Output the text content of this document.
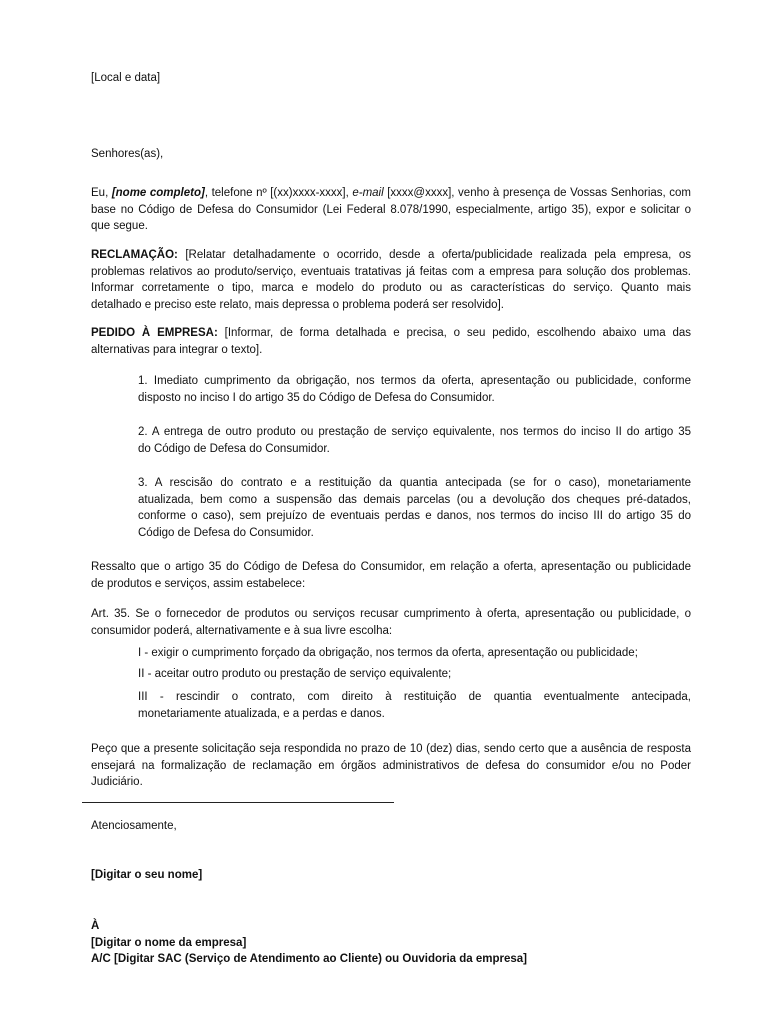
[Local e data]

Senhores(as),

Eu, [nome completo], telefone nº [(xx)xxxx-xxxx], e-mail [xxxx@xxxx], venho à presença de Vossas Senhorias, com
base no Código de Defesa do Consumidor (Lei Federal 8.078/1990, especialmente, artigo 35), expor e solicitar o
que segue.
RECLAMAÇÃO: [Relatar detalhadamente o ocorrido, desde a oferta/publicidade realizada pela empresa, os
problemas relativos ao produto/serviço, eventuais tratativas já feitas com a empresa para solução dos problemas.
Informar corretamente o tipo, marca e modelo do produto ou as características do serviço. Quanto mais
detalhado e preciso este relato, mais depressa o problema poderá ser resolvido].
PEDIDO À EMPRESA: [Informar, de forma detalhada e precisa, o seu pedido, escolhendo abaixo uma das
alternativas para integrar o texto].
1. Imediato cumprimento da obrigação, nos termos da oferta, apresentação ou publicidade, conforme
disposto no inciso I do artigo 35 do Código de Defesa do Consumidor.
2. A entrega de outro produto ou prestação de serviço equivalente, nos termos do inciso II do artigo 35
do Código de Defesa do Consumidor.
3. A rescisão do contrato e a restituição da quantia antecipada (se for o caso), monetariamente
atualizada, bem como a suspensão das demais parcelas (ou a devolução dos cheques pré-datados,
conforme o caso), sem prejuízo de eventuais perdas e danos, nos termos do inciso III do artigo 35 do
Código de Defesa do Consumidor.
Ressalto que o artigo 35 do Código de Defesa do Consumidor, em relação a oferta, apresentação ou publicidade
de produtos e serviços, assim estabelece:
Art. 35. Se o fornecedor de produtos ou serviços recusar cumprimento à oferta, apresentação ou publicidade, o
consumidor poderá, alternativamente e à sua livre escolha:
I - exigir o cumprimento forçado da obrigação, nos termos da oferta, apresentação ou publicidade;
II - aceitar outro produto ou prestação de serviço equivalente;
III - rescindir o contrato, com direito à restituição de quantia eventualmente antecipada,
monetariamente atualizada, e a perdas e danos.
Peço que a presente solicitação seja respondida no prazo de 10 (dez) dias, sendo certo que a ausência de resposta
ensejará na formalização de reclamação em órgãos administrativos de defesa do consumidor e/ou no Poder
Judiciário.

Atenciosamente,

[Digitar o seu nome]

À
[Digitar o nome da empresa]
A/C [Digitar SAC (Serviço de Atendimento ao Cliente) ou Ouvidoria da empresa]
